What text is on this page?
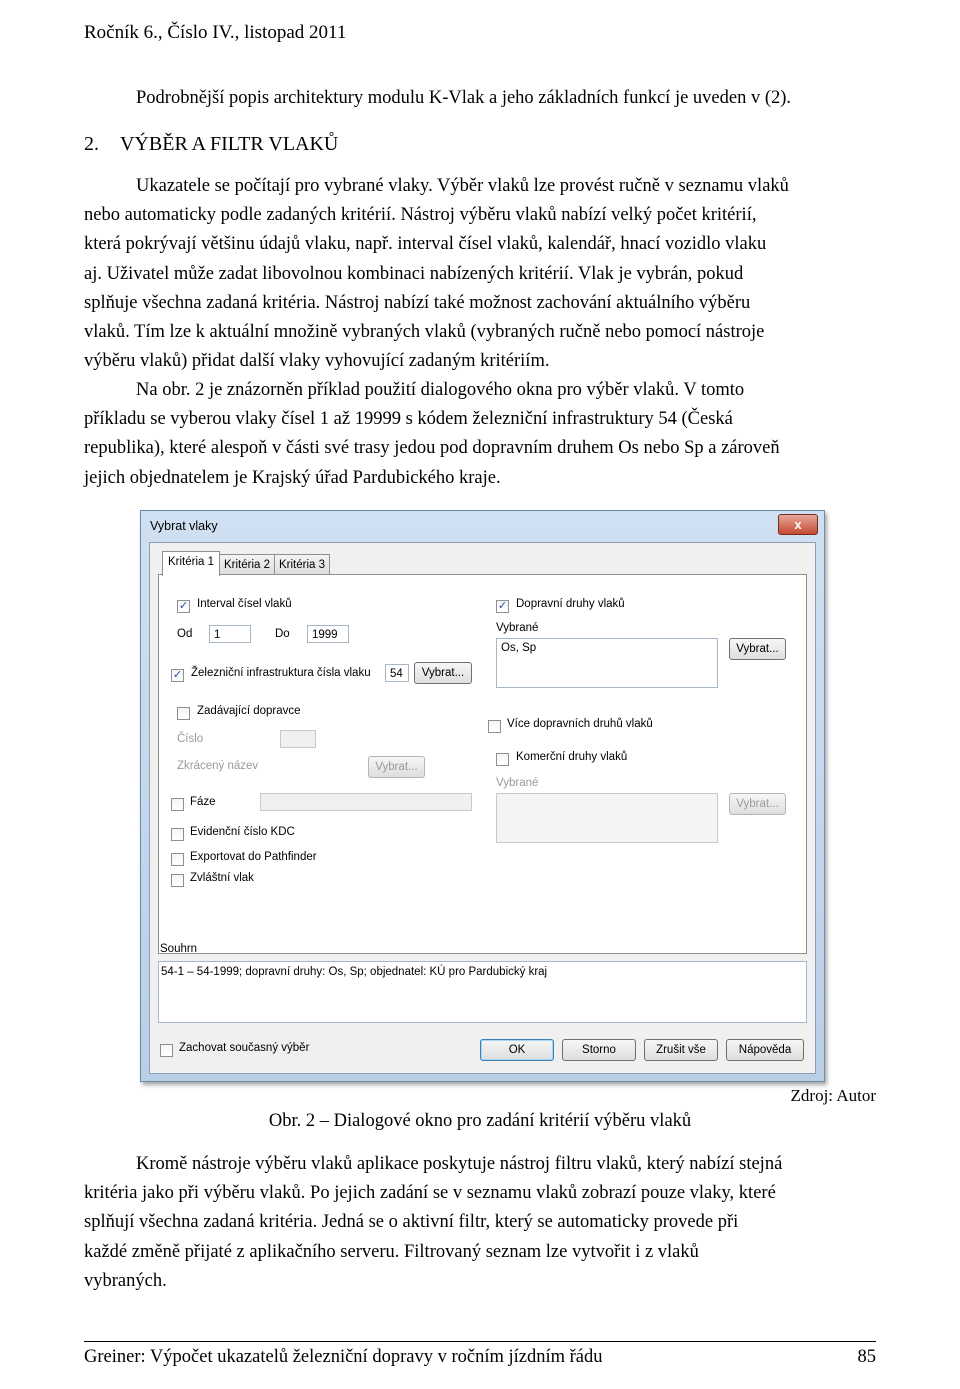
Ročník 6., Číslo IV., listopad 2011

Podrobnější popis architektury modulu K-Vlak a jeho základních funkcí je uveden v (2).

2. VÝBĚR A FILTR VLAKŮ

Ukazatele se počítají pro vybrané vlaky. Výběr vlaků lze provést ručně v seznamu vlaků
nebo automaticky podle zadaných kritérií. Nástroj výběru vlaků nabízí velký počet kritérií,
která pokrývají většinu údajů vlaku, např. interval čísel vlaků, kalendář, hnací vozidlo vlaku
aj. Uživatel může zadat libovolnou kombinaci nabízených kritérií. Vlak je vybrán, pokud
splňuje všechna zadaná kritéria. Nástroj nabízí také možnost zachování aktuálního výběru
vlaků. Tím lze k aktuální množině vybraných vlaků (vybraných ručně nebo pomocí nástroje
výběru vlaků) přidat další vlaky vyhovující zadaným kritériím.

Na obr. 2 je znázorněn příklad použití dialogového okna pro výběr vlaků. V tomto
příkladu se vyberou vlaky čísel 1 až 19999 s kódem železniční infrastruktury 54 (Česká
republika), které alespoň v části své trasy jedou pod dopravním druhem Os nebo Sp a zároveň
jejich objednatelem je Krajský úřad Pardubického kraje.

Vybrat vlaky	x
Kritéria 1 Kritéria 2 Kritéria 3
✓ Interval čísel vlaků
Od	1	Do	1999
✓ Železniční infrastruktura čísla vlaku	54	Vybrat...
Zadávající dopravce
Číslo
Zkrácený název	Vybrat...
Fáze
Evidenční číslo KDC
Exportovat do Pathfinder
Zvláštní vlak
✓ Dopravní druhy vlaků
Vybrané
Os, Sp	Vybrat...
Více dopravních druhů vlaků
Komerční druhy vlaků
Vybrané
Vybrat...
Souhrn
54-1 – 54-1999; dopravní druhy: Os, Sp; objednatel: KÚ pro Pardubický kraj
Zachovat současný výběr	OK	Storno	Zrušit vše	Nápověda
Zdroj: Autor
Obr. 2 – Dialogové okno pro zadání kritérií výběru vlaků

Kromě nástroje výběru vlaků aplikace poskytuje nástroj filtru vlaků, který nabízí stejná
kritéria jako při výběru vlaků. Po jejich zadání se v seznamu vlaků zobrazí pouze vlaky, které
splňují všechna zadaná kritéria. Jedná se o aktivní filtr, který se automaticky provede při
každé změně přijaté z aplikačního serveru. Filtrovaný seznam lze vytvořit i z vlaků
vybraných.

Greiner: Výpočet ukazatelů železniční dopravy v ročním jízdním řádu	85
